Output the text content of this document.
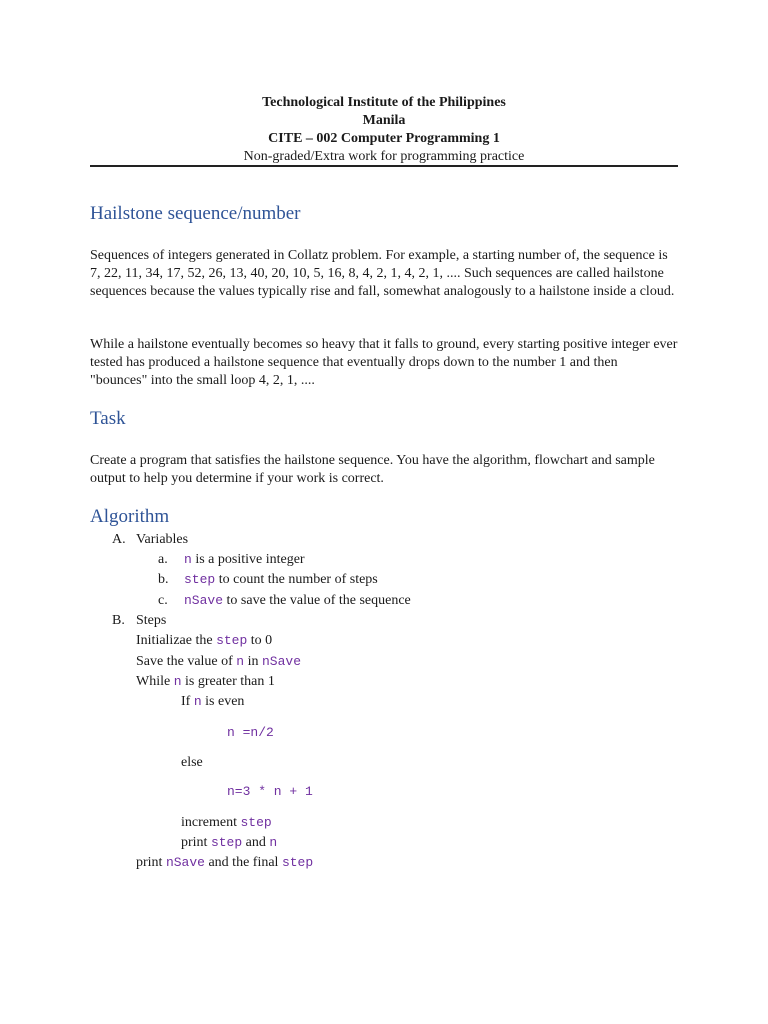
Technological Institute of the Philippines
Manila
CITE – 002 Computer Programming 1
Non-graded/Extra work for programming practice
Hailstone sequence/number

Sequences of integers generated in Collatz problem. For example, a starting number of, the sequence is 7, 22, 11, 34, 17, 52, 26, 13, 40, 20, 10, 5, 16, 8, 4, 2, 1, 4, 2, 1, .... Such sequences are called hailstone sequences because the values typically rise and fall, somewhat analogously to a hailstone inside a cloud.

While a hailstone eventually becomes so heavy that it falls to ground, every starting positive integer ever tested has produced a hailstone sequence that eventually drops down to the number 1 and then "bounces" into the small loop 4, 2, 1, ....

Task

Create a program that satisfies the hailstone sequence. You have the algorithm, flowchart and sample output to help you determine if your work is correct.

Algorithm
A. Variables
a. n is a positive integer
b. step to count the number of steps
c. nSave to save the value of the sequence
B. Steps
Initializae the step to 0
Save the value of n in nSave
While n is greater than 1
If n is even
n =n/2
else
n=3 * n + 1
increment step
print step and n
print nSave and the final step
